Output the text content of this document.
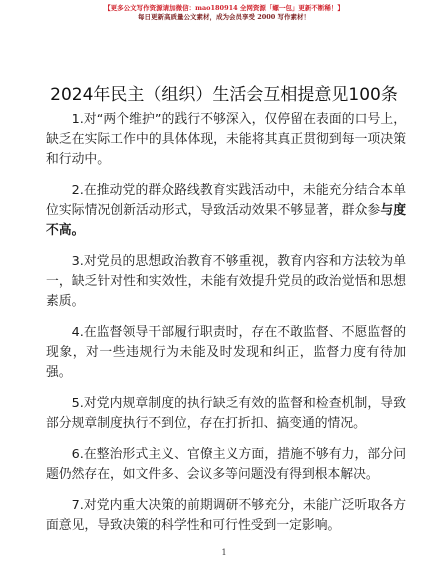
【更多公文写作资源请加微信：mao180914 全网资源「螺一包」更新不断稀！】
每日更新高质量公文素材，成为会员享受 2000 写作素材！
2024年民主（组织）生活会互相提意见100条

1.对“两个维护”的践行不够深入，仅停留在表面的口号上，缺乏在实际工作中的具体体现，未能将其真正贯彻到每一项决策和行动中。

2.在推动党的群众路线教育实践活动中，未能充分结合本单位实际情况创新活动形式，导致活动效果不够显著，群众参与度不高。

3.对党员的思想政治教育不够重视，教育内容和方法较为单一，缺乏针对性和实效性，未能有效提升党员的政治觉悟和思想素质。

4.在监督领导干部履行职责时，存在不敢监督、不愿监督的现象，对一些违规行为未能及时发现和纠正，监督力度有待加强。

5.对党内规章制度的执行缺乏有效的监督和检查机制，导致部分规章制度执行不到位，存在打折扣、搞变通的情况。

6.在整治形式主义、官僚主义方面，措施不够有力，部分问题仍然存在，如文件多、会议多等问题没有得到根本解决。

7.对党内重大决策的前期调研不够充分，未能广泛听取各方面意见，导致决策的科学性和可行性受到一定影响。

1
